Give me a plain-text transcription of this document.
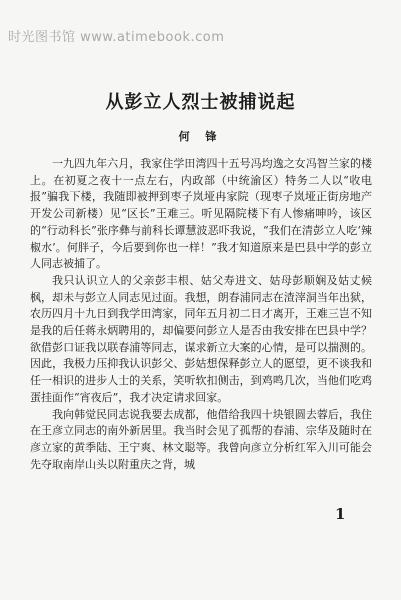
时光图书馆 www.atimebook.com
从彭立人烈士被捕说起
何 锋

一九四九年六月，我家住学田湾四十五号冯均逸之女冯智兰家的楼上。在初夏之夜十一点左右，内政部（中统渝区）特务二人以“收电报”骗我下楼，我随即被押到枣子岚垭冉家院（现枣子岚垭正街房地产开发公司新楼）见“区长”王难三。听见隔院楼下有人惨痛呻吟，该区的“行动科长”张序彝与前科长谭慧波恶吓我说，“我们在清彭立人吃‘辣椒水’。何胖子，今后要到你也一样！”我才知道原来是巴县中学的彭立人同志被捕了。

我只认识立人的父亲彭丰根、姑父寿进文、姑母彭顺娴及姑丈候枫，却未与彭立人同志见过面。我想，朗春浦同志在渣滓洞当年出狱，农历四月十九日到我学田湾家，同年五月初二日才离开，王难三岂不知是我的后任蒋永炳聘用的，却偏要问彭立人是否由我安排在巴县中学？欲借彭口证我以联春浦等同志，谋求新立大案的心情，是可以揣测的。因此，我极力压抑我认识彭父、彭姑想保释彭立人的愿望，更不谈我和任一相识的进步人士的关系，笑听软扣侧击，到鸡鸣几次，当他们吃鸡蛋挂面作“宵夜后”，我才决定请求回家。

我向韩觉民同志说我要去成都，他借给我四十块银圆去蓉后，我住在王彦立同志的南外新居里。我当时会见了孤帮的春浦、宗华及随时在彦立家的黄季陆、王宁爽、林文聪等。我曾向彦立分析红军入川可能会先夺取南岸山头以附重庆之背，城

1
